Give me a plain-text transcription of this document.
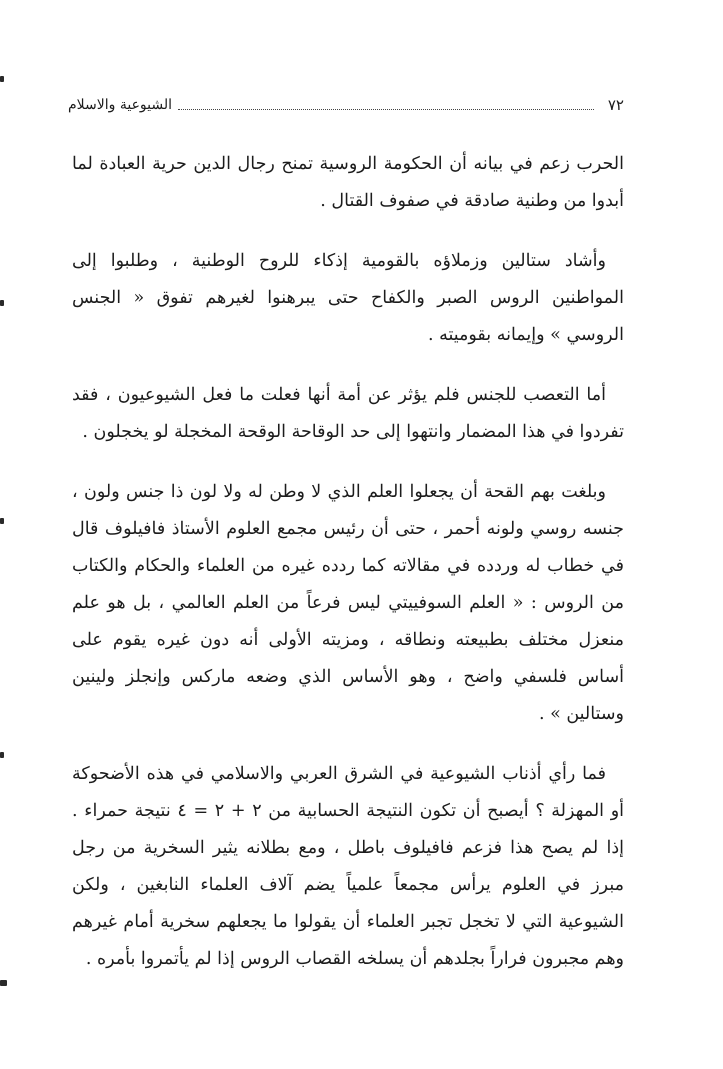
٧٢
الشيوعية والاسلام

الحرب زعم في بيانه أن الحكومة الروسية تمنح رجال الدين حرية العبادة لما أبدوا من وطنية صادقة في صفوف القتال .

وأشاد ستالين وزملاؤه بالقومية إذكاء للروح الوطنية ، وطلبوا إلى المواطنين الروس الصبر والكفاح حتى يبرهنوا لغيرهم تفوق « الجنس الروسي » وإيمانه بقوميته .

أما التعصب للجنس فلم يؤثر عن أمة أنها فعلت ما فعل الشيوعيون ، فقد تفردوا في هذا المضمار وانتهوا إلى حد الوقاحة الوقحة المخجلة لو يخجلون .

وبلغت بهم القحة أن يجعلوا العلم الذي لا وطن له ولا لون ذا جنس ولون ، جنسه روسي ولونه أحمر ، حتى أن رئيس مجمع العلوم الأستاذ فافيلوف قال في خطاب له وردده في مقالاته كما ردده غيره من العلماء والحكام والكتاب من الروس : « العلم السوفييتي ليس فرعاً من العلم العالمي ، بل هو علم منعزل مختلف بطبيعته ونطاقه ، ومزيته الأولى أنه دون غيره يقوم على أساس فلسفي واضح ، وهو الأساس الذي وضعه ماركس وإنجلز ولينين وستالين » .

فما رأي أذناب الشيوعية في الشرق العربي والاسلامي في هذه الأضحوكة أو المهزلة ؟ أيصبح أن تكون النتيجة الحسابية من ٢ + ٢ = ٤ نتيجة حمراء . إذا لم يصح هذا فزعم فافيلوف باطل ، ومع بطلانه يثير السخرية من رجل مبرز في العلوم يرأس مجمعاً علمياً يضم آلاف العلماء النابغين ، ولكن الشيوعية التي لا تخجل تجبر العلماء أن يقولوا ما يجعلهم سخرية أمام غيرهم وهم مجبرون فراراً بجلدهم أن يسلخه القصاب الروس إذا لم يأتمروا بأمره .
